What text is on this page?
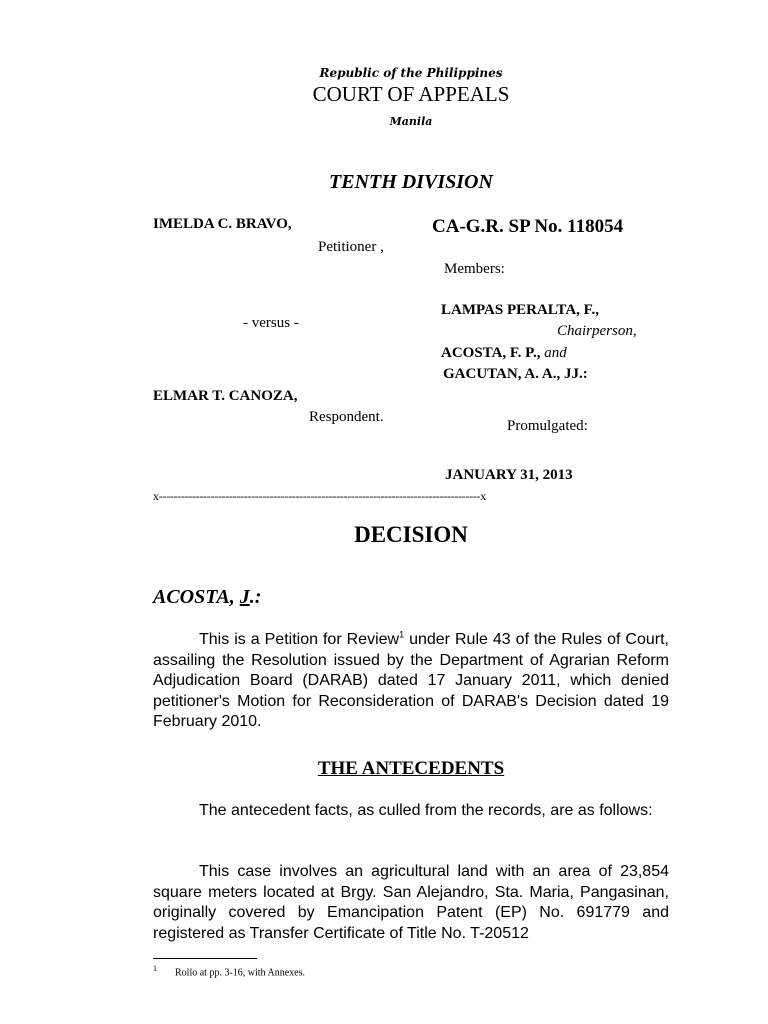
Republic of the Philippines
COURT OF APPEALS
Manila
TENTH DIVISION
IMELDA C. BRAVO,
Petitioner ,
- versus -
ELMAR T. CANOZA,
Respondent.
CA-G.R. SP No. 118054
Members:
LAMPAS PERALTA, F.,
Chairperson,
ACOSTA, F. P., and
GACUTAN, A. A., JJ.:
Promulgated:
JANUARY 31, 2013
x---------------------------------------------------------------------------------------x
DECISION
ACOSTA, J.:
This is a Petition for Review$^1$ under Rule 43 of the Rules of Court, assailing the Resolution issued by the Department of Agrarian Reform Adjudication Board (DARAB) dated 17 January 2011, which denied petitioner's Motion for Reconsideration of DARAB's Decision dated 19 February 2010.
THE ANTECEDENTS
The antecedent facts, as culled from the records, are as follows:
This case involves an agricultural land with an area of 23,854 square meters located at Brgy. San Alejandro, Sta. Maria, Pangasinan, originally covered by Emancipation Patent (EP) No. 691779 and registered as Transfer Certificate of Title No. T-20512
1 Rollo at pp. 3-16, with Annexes.
